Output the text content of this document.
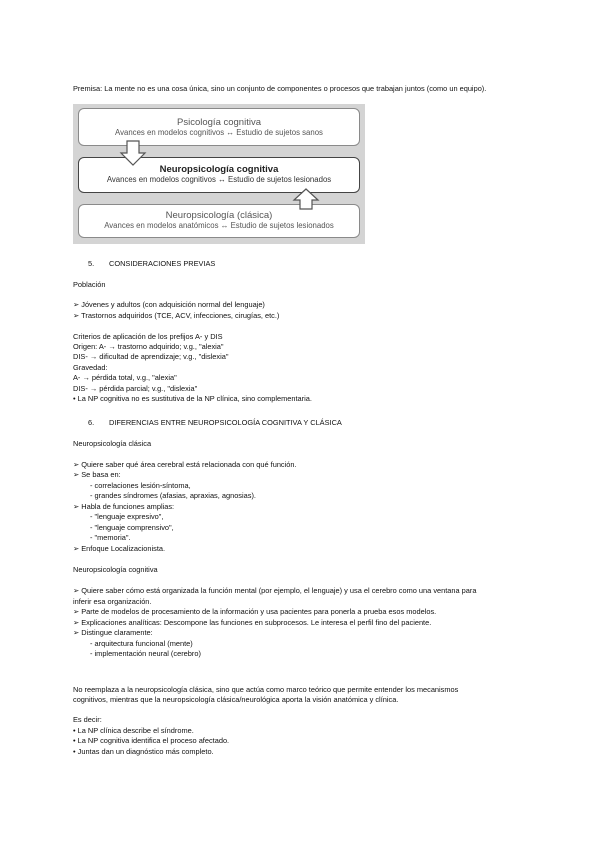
Premisa: La mente no es una cosa única, sino un conjunto de componentes o procesos que trabajan juntos (como un equipo).
Psicología cognitiva
Avances en modelos cognitivos ↔ Estudio de sujetos sanos
Neuropsicología cognitiva
Avances en modelos cognitivos ↔ Estudio de sujetos lesionados
Neuropsicología (clásica)
Avances en modelos anatómicos ↔ Estudio de sujetos lesionados
5. CONSIDERACIONES PREVIAS
Población
➢ Jóvenes y adultos (con adquisición normal del lenguaje)
➢ Trastornos adquiridos (TCE, ACV, infecciones, cirugías, etc.)
Criterios de aplicación de los prefijos A- y DIS
Origen: A- → trastorno adquirido; v.g., "alexia"
DIS- → dificultad de aprendizaje; v.g., "dislexia"
Gravedad:
A- → pérdida total, v.g., "alexia"
DIS- → pérdida parcial; v.g., "dislexia"
• La NP cognitiva no es sustitutiva de la NP clínica, sino complementaria.
6. DIFERENCIAS ENTRE NEUROPSICOLOGÍA COGNITIVA Y CLÁSICA
Neuropsicología clásica
➢ Quiere saber qué área cerebral está relacionada con qué función.
➢ Se basa en:
- correlaciones lesión-síntoma,
- grandes síndromes (afasias, apraxias, agnosias).
➢ Habla de funciones amplias:
- "lenguaje expresivo",
- "lenguaje comprensivo",
- "memoria".
➢ Enfoque Localizacionista.
Neuropsicología cognitiva
➢ Quiere saber cómo está organizada la función mental (por ejemplo, el lenguaje) y usa el cerebro como una ventana para
inferir esa organización.
➢ Parte de modelos de procesamiento de la información y usa pacientes para ponerla a prueba esos modelos.
➢ Explicaciones analíticas: Descompone las funciones en subprocesos. Le interesa el perfil fino del paciente.
➢ Distingue claramente:
- arquitectura funcional (mente)
- implementación neural (cerebro)
No reemplaza a la neuropsicología clásica, sino que actúa como marco teórico que permite entender los mecanismos
cognitivos, mientras que la neuropsicología clásica/neurológica aporta la visión anatómica y clínica.
Es decir:
• La NP clínica describe el síndrome.
• La NP cognitiva identifica el proceso afectado.
• Juntas dan un diagnóstico más completo.
